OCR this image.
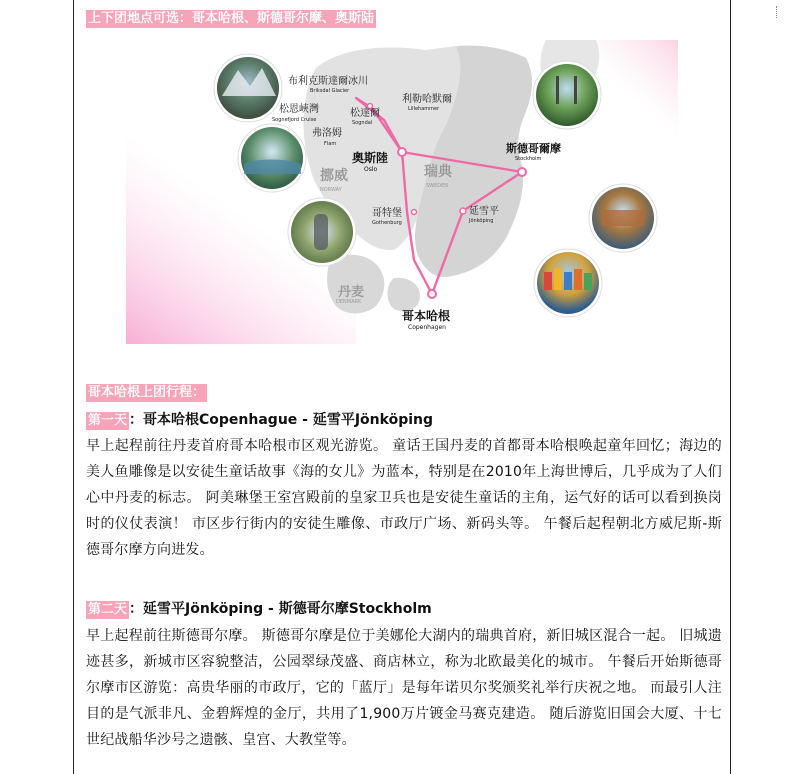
上下团地点可选：哥本哈根、斯德哥尔摩、奥斯陆
挪威
NORWAY
瑞典
SWEDEN
丹麦
DENMARK
布利克斯達爾冰川
Briksdal Glacier
松恩峽灣
Sognefjord Cruise
松達爾
Sogndal
弗洛姆
Flam
利勒哈默爾
Lillehammer
奥斯陸
Oslo
斯德哥爾摩
Stockholm
哥特堡
Gothenburg
延雪平
Jönköping
哥本哈根
Copenhagen
哥本哈根上团行程：
第一天 ：哥本哈根Copenhague - 延雪平Jönköping

早上起程前往丹麦首府哥本哈根市区观光游览。 童话王国丹麦的首都哥本哈根唤起童年回忆；海边的美人鱼雕像是以安徒生童话故事《海的女儿》为蓝本，特别是在2010年上海世博后，几乎成为了人们心中丹麦的标志。 阿美琳堡王室宫殿前的皇家卫兵也是安徒生童话的主角，运气好的话可以看到换岗时的仪仗表演！ 市区步行街内的安徒生雕像、市政厅广场、新码头等。 午餐后起程朝北方威尼斯-斯德哥尔摩方向进发。

第二天 ：延雪平Jönköping - 斯德哥尔摩Stockholm

早上起程前往斯德哥尔摩。 斯德哥尔摩是位于美娜伦大湖内的瑞典首府，新旧城区混合一起。 旧城遗迹甚多，新城市区容貌整洁，公园翠绿茂盛、商店林立，称为北欧最美化的城市。 午餐后开始斯德哥尔摩市区游览：高贵华丽的市政厅，它的「蓝厅」是每年诺贝尔奖颁奖礼举行庆祝之地。 而最引人注目的是气派非凡、金碧辉煌的金厅，共用了1,900万片镀金马赛克建造。 随后游览旧国会大厦、十七世纪战船华沙号之遗骸、皇宫、大教堂等。
